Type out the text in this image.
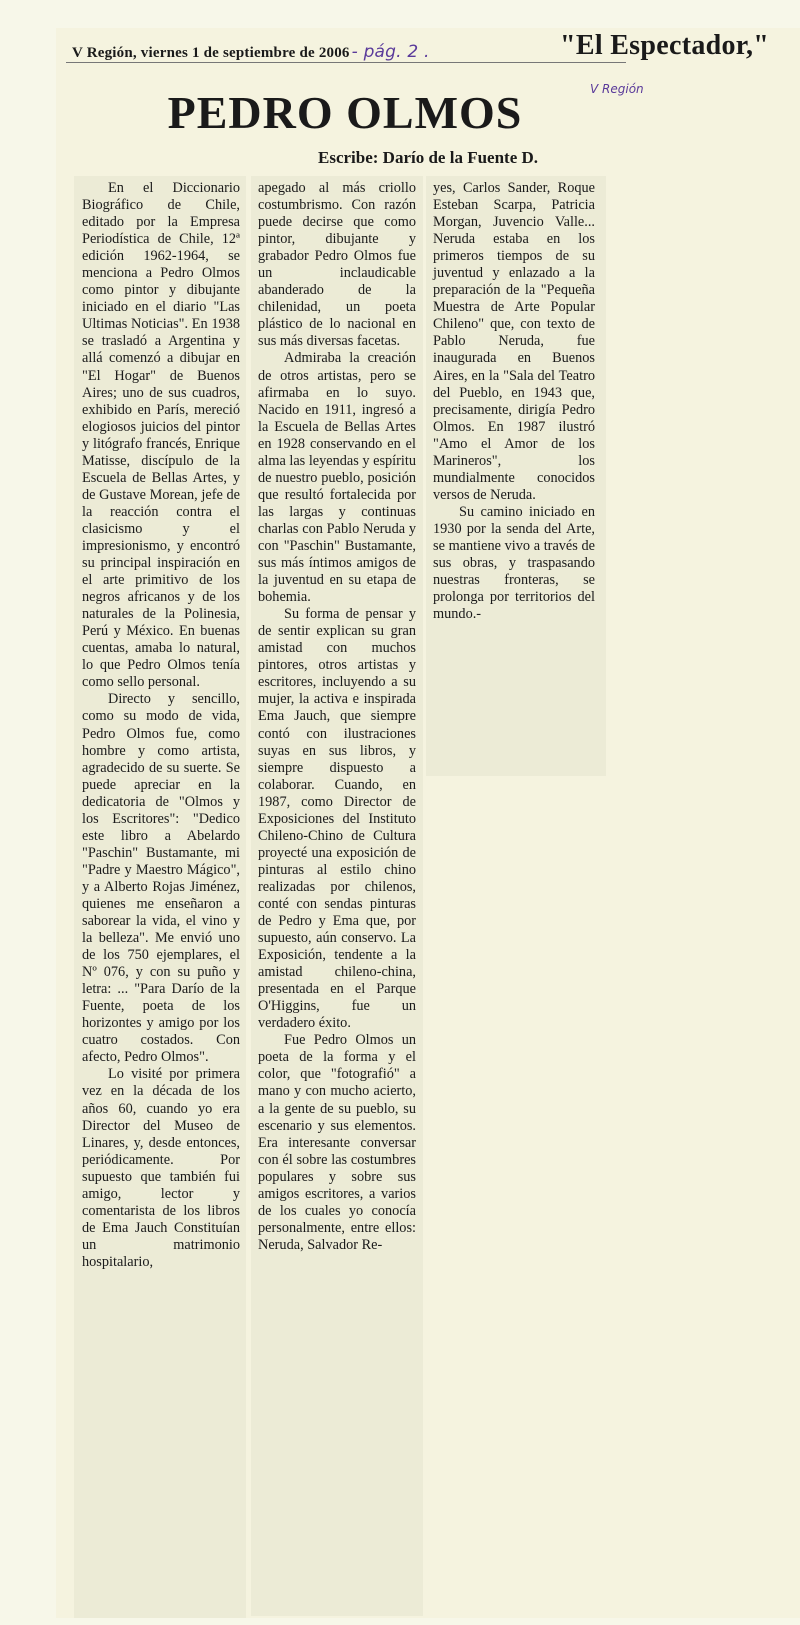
V Región, viernes 1 de septiembre de 2006 - pág. 2 .	"El Espectador,"
V Región
PEDRO OLMOS
Escribe: Darío de la Fuente D.

En el Diccionario Biográfico de Chile, editado por la Empresa Periodística de Chile, 12ª edición 1962-1964, se menciona a Pedro Olmos como pintor y dibujante iniciado en el diario "Las Ultimas Noticias". En 1938 se trasladó a Argentina y allá comenzó a dibujar en "El Hogar" de Buenos Aires; uno de sus cuadros, exhibido en París, mereció elogiosos juicios del pintor y litógrafo francés, Enrique Matisse, discípulo de la Escuela de Bellas Artes, y de Gustave Morean, jefe de la reacción contra el clasicismo y el impresionismo, y encontró su principal inspiración en el arte primitivo de los negros africanos y de los naturales de la Polinesia, Perú y México. En buenas cuentas, amaba lo natural, lo que Pedro Olmos tenía como sello personal.

Directo y sencillo, como su modo de vida, Pedro Olmos fue, como hombre y como artista, agradecido de su suerte. Se puede apreciar en la dedicatoria de "Olmos y los Escritores": "Dedico este libro a Abelardo "Paschin" Bustamante, mi "Padre y Maestro Mágico", y a Alberto Rojas Jiménez, quienes me enseñaron a saborear la vida, el vino y la belleza". Me envió uno de los 750 ejemplares, el Nº 076, y con su puño y letra: ... "Para Darío de la Fuente, poeta de los horizontes y amigo por los cuatro costados. Con afecto, Pedro Olmos".

Lo visité por primera vez en la década de los años 60, cuando yo era Director del Museo de Linares, y, desde entonces, periódicamente. Por supuesto que también fui amigo, lector y comentarista de los libros de Ema Jauch Constituían un matrimonio hospitalario,

apegado al más criollo costumbrismo. Con razón puede decirse que como pintor, dibujante y grabador Pedro Olmos fue un inclaudicable abanderado de la chilenidad, un poeta plástico de lo nacional en sus más diversas facetas.

Admiraba la creación de otros artistas, pero se afirmaba en lo suyo. Nacido en 1911, ingresó a la Escuela de Bellas Artes en 1928 conservando en el alma las leyendas y espíritu de nuestro pueblo, posición que resultó fortalecida por las largas y continuas charlas con Pablo Neruda y con "Paschin" Bustamante, sus más íntimos amigos de la juventud en su etapa de bohemia.

Su forma de pensar y de sentir explican su gran amistad con muchos pintores, otros artistas y escritores, incluyendo a su mujer, la activa e inspirada Ema Jauch, que siempre contó con ilustraciones suyas en sus libros, y siempre dispuesto a colaborar. Cuando, en 1987, como Director de Exposiciones del Instituto Chileno-Chino de Cultura proyecté una exposición de pinturas al estilo chino realizadas por chilenos, conté con sendas pinturas de Pedro y Ema que, por supuesto, aún conservo. La Exposición, tendente a la amistad chileno-china, presentada en el Parque O'Higgins, fue un verdadero éxito.

Fue Pedro Olmos un poeta de la forma y el color, que "fotografió" a mano y con mucho acierto, a la gente de su pueblo, su escenario y sus elementos. Era interesante conversar con él sobre las costumbres populares y sobre sus amigos escritores, a varios de los cuales yo conocía personalmente, entre ellos: Neruda, Salvador Re-

yes, Carlos Sander, Roque Esteban Scarpa, Patricia Morgan, Juvencio Valle... Neruda estaba en los primeros tiempos de su juventud y enlazado a la preparación de la "Pequeña Muestra de Arte Popular Chileno" que, con texto de Pablo Neruda, fue inaugurada en Buenos Aires, en la "Sala del Teatro del Pueblo, en 1943 que, precisamente, dirigía Pedro Olmos. En 1987 ilustró "Amo el Amor de los Marineros", los mundialmente conocidos versos de Neruda.

Su camino iniciado en 1930 por la senda del Arte, se mantiene vivo a través de sus obras, y traspasando nuestras fronteras, se prolonga por territorios del mundo.-
